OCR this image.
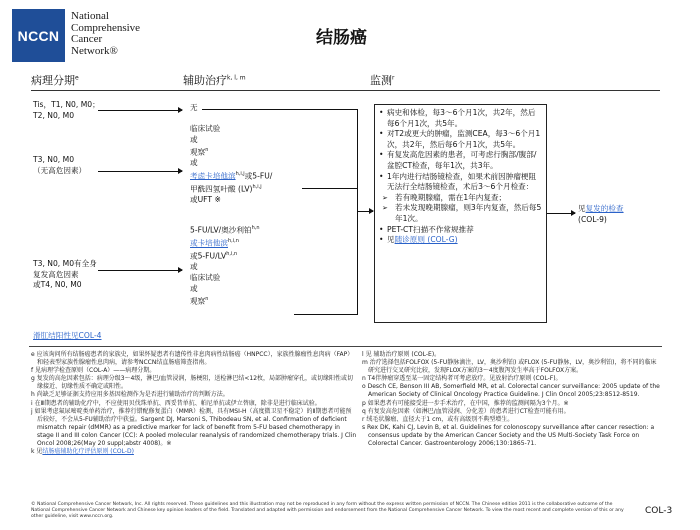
NCCN
National
Comprehensive
Cancer
Network®
结肠癌
病理分期$^e$	辅助治疗$^{k, l, m}$	监测$^r$
Tis，T1, N0, M0；
T2, N0, M0
T3, N0, M0
（无高危因素）
T3, N0, M0有全身
复发高危因素
或T4, N0, M0
无
临床试验
或
观察$^n$
或
考虑卡培他滨$^{h,i,j}$或5-FU/
甲酰四氢叶酸 (LV)$^{h,i,j}$
或UFT ※
5-FU/LV/奥沙利铂$^{h,n}$
或卡培他滨$^{h,i,n}$
或5-FU/LV$^{h,i,n}$
或
临床试验
或
观察$^n$
• 病史和体检，每3～6个月1次，共2年，然后每6个月1次，共5年。
• 对T2或更大的肿瘤，监测CEA，每3～6个月1次，共2年，然后每6个月1次，共5年。
• 有复发高危因素的患者，可考虑行胸部/腹部/盆腔CT检查，每年1次，共3年。
• 1年内进行结肠镜检查，如果术前因肿瘤梗阻无法行全结肠镜检查，术后3～6个月检查：
➢ 若有晚期腺瘤，需在1年内复查；
➢ 若未发现晚期腺瘤，则3年内复查，然后每5年1次。
• PET-CT扫描不作常规推荐
• 见随诊原则 (COL-G)
见复发的检查
(COL-9)
滑肛结阳性见COL-4

e 应该询问所有结肠癌患者的家族史，如果怀疑患者有遗传性非息肉病性结肠癌（HNPCC），家族性腺瘤性息肉病（FAP）和轻表型家族性腺瘤性息肉病，请参考NCCN结直肠癌筛查指南。

f 见病理学检查原则（COL-A）——病理分期。

g 复发的高危因素包括：病理分级3～4级，淋巴/血管浸润，肠梗阻，送检淋巴结<12枚，局部肿瘤穿孔，或切缘阳性或切缘接近、切缘性质不确定或阳性。

h 尚缺乏足够证据支持应用多基因检测作为是否进行辅助治疗的判断方法。

i 在Ⅲ期患者的辅助化疗中，不应使用贝伐珠单抗、西妥昔单抗、帕尼单抗或伊立替康，除非是进行临床试验。

j 如果考虑氟尿嘧啶类单药治疗，推荐行错配修复蛋白（MMR）检测，具有MSI-H（高度微卫星不稳定）的Ⅱ期患者可能预后较好，不会从5-FU辅助治疗中获益。Sargent DJ, Marsoni S, Thibodeau SN, et al. Confirmation of deficient mismatch repair (dMMR) as a predictive marker for lack of benefit from 5-FU based chemotherapy in stage II and III colon Cancer (CC): A pooled molecular reanalysis of randomized chemotherapy trials. J Clin Oncol 2008;26(May 20 suppl;abstr 4008)。※

k 见结肠癌辅助化疗评估原则 (COL-D)

l 见 辅助治疗原则 (COL-E)。

m 治疗选择包括FOLFOX (5-FU静脉滴注，LV，奥沙利铂) 或FLOX (5-FU静脉，LV，奥沙利铂)，将不同的临床研究进行交叉研究比较，发现FLOX方案的3～4度腹泻发生率高于FOLFOX方案。

n T4伴肿瘤穿透至某一固定结构者可考虑放疗。见放射治疗原则 (COL-F)。

o Desch CE, Benson III AB, Somerfield MR, et al. Colorectal cancer surveillance: 2005 update of the American Society of Clinical Oncology Practice Guideline. J Clin Oncol 2005;23:8512-8519.

p 如果患者有可能接受进一步手术治疗，在中国，推荐的监测间隔为3个月。※

q 有复发高危因素（如淋巴/血管浸润、分化差）的患者进行CT检查可能有用。

r 绒毛状腺瘤、直径大于1 cm，或有高级别不典型增生。

s Rex DK, Kahi CJ, Levin B, et al. Guidelines for colonoscopy surveillance after cancer resection: a consensus update by the American Cancer Society and the US Multi-Society Task Force on Colorectal Cancer. Gastroenterology 2006;130:1865-71.

© National Comprehensive Cancer Network, Inc. All rights reserved. These guidelines and this illustration may not be reproduced in any form without the express written permission of NCCN. The Chinese edition 2011 is the collaborative outcome of the National Comprehensive Cancer Network and Chinese key opinion leaders of the field. Translated and adapted with permission and endorsement from the National Comprehensive Cancer Network. To view the most recent and complete version of this or any other guideline, visit www.nccn.org.
COL-3
